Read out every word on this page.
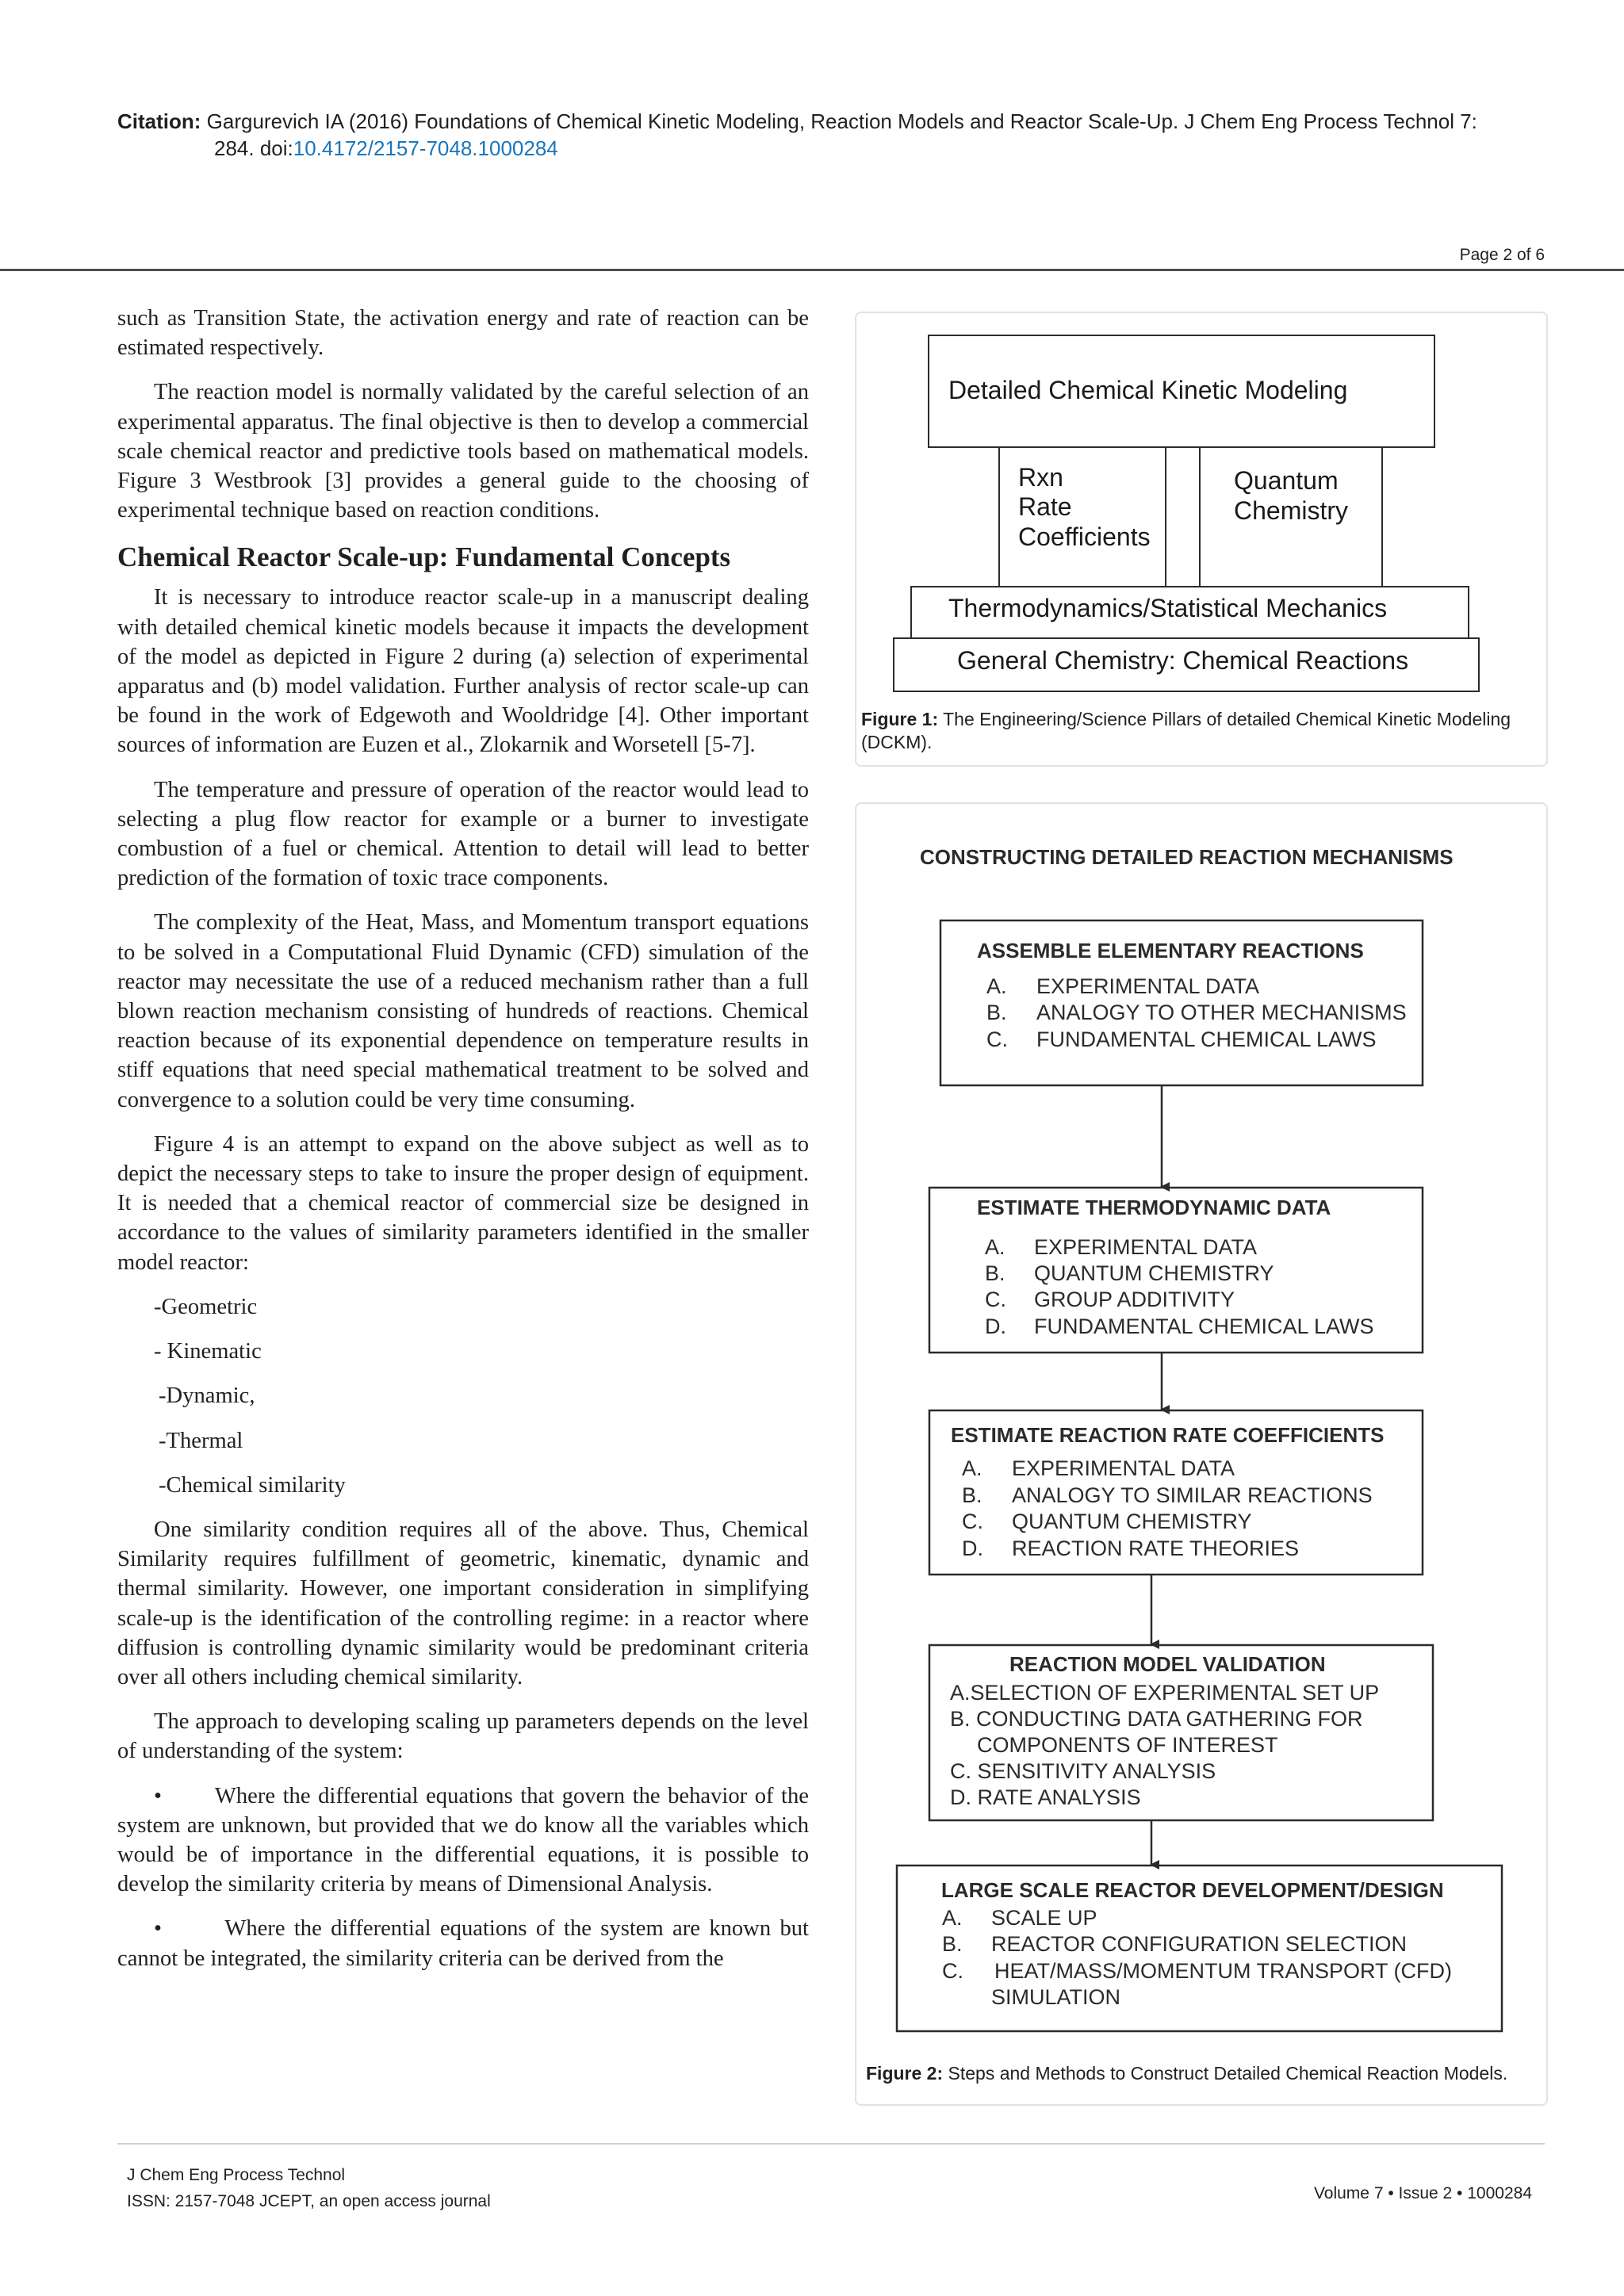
Citation: Gargurevich IA (2016) Foundations of Chemical Kinetic Modeling, Reaction Models and Reactor Scale-Up. J Chem Eng Process Technol 7:
284. doi:10.4172/2157-7048.1000284
Page 2 of 6

such as Transition State, the activation energy and rate of reaction can be estimated respectively.

The reaction model is normally validated by the careful selection of an experimental apparatus. The final objective is then to develop a commercial scale chemical reactor and predictive tools based on mathematical models. Figure 3 Westbrook [3] provides a general guide to the choosing of experimental technique based on reaction conditions.

Chemical Reactor Scale-up: Fundamental Concepts

It is necessary to introduce reactor scale-up in a manuscript dealing with detailed chemical kinetic models because it impacts the development of the model as depicted in Figure 2 during (a) selection of experimental apparatus and (b) model validation. Further analysis of rector scale-up can be found in the work of Edgewoth and Wooldridge [4]. Other important sources of information are Euzen et al., Zlokarnik and Worsetell [5-7].

The temperature and pressure of operation of the reactor would lead to selecting a plug flow reactor for example or a burner to investigate combustion of a fuel or chemical. Attention to detail will lead to better prediction of the formation of toxic trace components.

The complexity of the Heat, Mass, and Momentum transport equations to be solved in a Computational Fluid Dynamic (CFD) simulation of the reactor may necessitate the use of a reduced mechanism rather than a full blown reaction mechanism consisting of hundreds of reactions. Chemical reaction because of its exponential dependence on temperature results in stiff equations that need special mathematical treatment to be solved and convergence to a solution could be very time consuming.

Figure 4 is an attempt to expand on the above subject as well as to depict the necessary steps to take to insure the proper design of equipment. It is needed that a chemical reactor of commercial size be designed in accordance to the values of similarity parameters identified in the smaller model reactor:

-Geometric

- Kinematic

-Dynamic,

-Thermal

-Chemical similarity

One similarity condition requires all of the above. Thus, Chemical Similarity requires fulfillment of geometric, kinematic, dynamic and thermal similarity. However, one important consideration in simplifying scale-up is the identification of the controlling regime: in a reactor where diffusion is controlling dynamic similarity would be predominant criteria over all others including chemical similarity.

The approach to developing scaling up parameters depends on the level of understanding of the system:

•       Where the differential equations that govern the behavior of the system are unknown, but provided that we do know all the variables which would be of importance in the differential equations, it is possible to develop the similarity criteria by means of Dimensional Analysis.

•       Where the differential equations of the system are known but cannot be integrated, the similarity criteria can be derived from the

Detailed Chemical Kinetic Modeling
Rxn
Rate
Coefficients
Quantum
Chemistry
Thermodynamics/Statistical Mechanics
General Chemistry: Chemical Reactions
Figure 1: The Engineering/Science Pillars of detailed Chemical Kinetic Modeling (DCKM).
CONSTRUCTING DETAILED REACTION MECHANISMS
ASSEMBLE ELEMENTARY REACTIONS
A. EXPERIMENTAL DATA
B. ANALOGY TO OTHER MECHANISMS
C. FUNDAMENTAL CHEMICAL LAWS
ESTIMATE THERMODYNAMIC DATA
A. EXPERIMENTAL DATA
B. QUANTUM CHEMISTRY
C. GROUP ADDITIVITY
D. FUNDAMENTAL CHEMICAL LAWS
ESTIMATE REACTION RATE COEFFICIENTS
A. EXPERIMENTAL DATA
B. ANALOGY TO SIMILAR REACTIONS
C. QUANTUM CHEMISTRY
D. REACTION RATE THEORIES
REACTION MODEL VALIDATION
A.SELECTION OF EXPERIMENTAL SET UP
B. CONDUCTING DATA GATHERING FOR
COMPONENTS OF INTEREST
C. SENSITIVITY ANALYSIS
D. RATE ANALYSIS
LARGE SCALE REACTOR DEVELOPMENT/DESIGN
A. SCALE UP
B. REACTOR CONFIGURATION SELECTION
C. HEAT/MASS/MOMENTUM TRANSPORT (CFD)
SIMULATION
Figure 2: Steps and Methods to Construct Detailed Chemical Reaction Models.
J Chem Eng Process Technol
ISSN: 2157-7048 JCEPT, an open access journal	Volume 7 • Issue 2 • 1000284
